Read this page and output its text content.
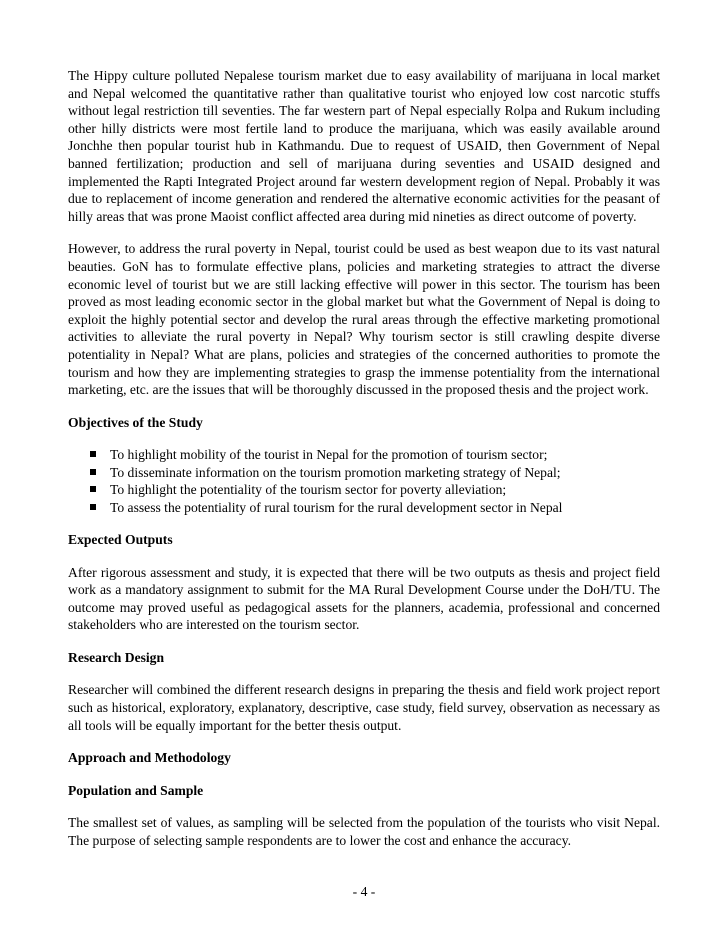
The Hippy culture polluted Nepalese tourism market due to easy availability of marijuana in local market and Nepal welcomed the quantitative rather than qualitative tourist who enjoyed low cost narcotic stuffs without legal restriction till seventies. The far western part of Nepal especially Rolpa and Rukum including other hilly districts were most fertile land to produce the marijuana, which was easily available around Jonchhe then popular tourist hub in Kathmandu. Due to request of USAID, then Government of Nepal banned fertilization; production and sell of marijuana during seventies and USAID designed and implemented the Rapti Integrated Project around far western development region of Nepal. Probably it was due to replacement of income generation and rendered the alternative economic activities for the peasant of hilly areas that was prone Maoist conflict affected area during mid nineties as direct outcome of poverty.

However, to address the rural poverty in Nepal, tourist could be used as best weapon due to its vast natural beauties. GoN has to formulate effective plans, policies and marketing strategies to attract the diverse economic level of tourist but we are still lacking effective will power in this sector. The tourism has been proved as most leading economic sector in the global market but what the Government of Nepal is doing to exploit the highly potential sector and develop the rural areas through the effective marketing promotional activities to alleviate the rural poverty in Nepal? Why tourism sector is still crawling despite diverse potentiality in Nepal? What are plans, policies and strategies of the concerned authorities to promote the tourism and how they are implementing strategies to grasp the immense potentiality from the international marketing, etc. are the issues that will be thoroughly discussed in the proposed thesis and the project work.

Objectives of the Study

To highlight mobility of the tourist in Nepal for the promotion of tourism sector;
To disseminate information on the tourism promotion marketing strategy of Nepal;
To highlight the potentiality of the tourism sector for poverty alleviation;
To assess the potentiality of rural tourism for the rural development sector in Nepal

Expected Outputs

After rigorous assessment and study, it is expected that there will be two outputs as thesis and project field work as a mandatory assignment to submit for the MA Rural Development Course under the DoH/TU. The outcome may proved useful as pedagogical assets for the planners, academia, professional and concerned stakeholders who are interested on the tourism sector.

Research Design

Researcher will combined the different research designs in preparing the thesis and field work project report such as historical, exploratory, explanatory, descriptive, case study, field survey, observation as necessary as all tools will be equally important for the better thesis output.

Approach and Methodology

Population and Sample

The smallest set of values, as sampling will be selected from the population of the tourists who visit Nepal. The purpose of selecting sample respondents are to lower the cost and enhance the accuracy.

- 4 -
